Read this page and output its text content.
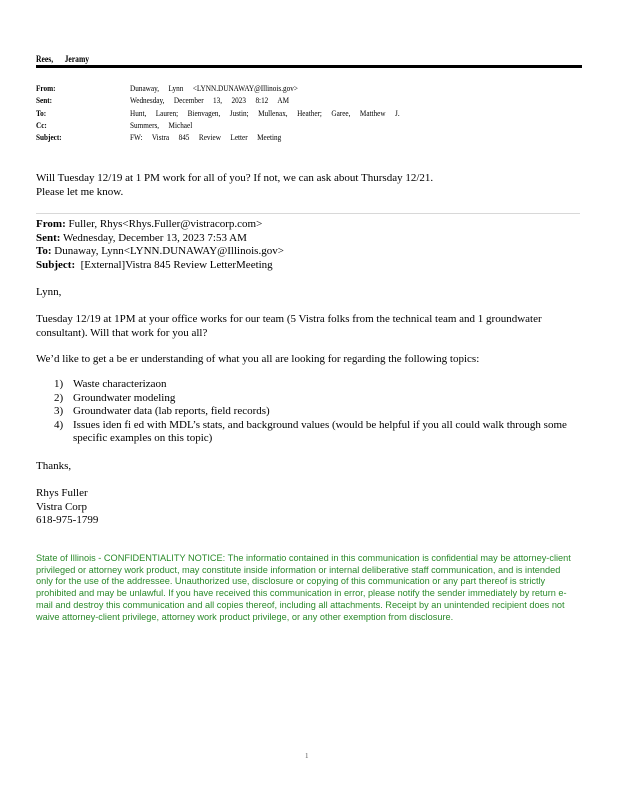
Rees, Jeramy
From:	Dunaway, Lynn <LYNN.DUNAWAY@Illinois.gov>
Sent:	Wednesday, December 13, 2023 8:12 AM
To:	Hunt, Lauren; Bienvagen, Justin; Mullenax, Heather; Garee, Matthew J.
Cc:	Summers, Michael
Subject:	FW: Vistra 845 Review Letter Meeting
Will Tuesday 12/19 at 1 PM work for all of you? If not, we can ask about Thursday 12/21.
Please let me know.
From: Fuller, Rhys<Rhys.Fuller@vistracorp.com>
Sent: Wednesday, December 13, 2023 7:53 AM
To: Dunaway, Lynn<LYNN.DUNAWAY@Illinois.gov>
Subject: [External]Vistra 845 Review LetterMeeting
Lynn,
Tuesday 12/19 at 1PM at your office works for our team (5 Vistra folks from the technical team and 1 groundwater consultant). Will that work for you all?
We’d like to get a be er understanding of what you all are looking for regarding the following topics:
1) Waste characterizaon
2) Groundwater modeling
3) Groundwater data (lab reports, field records)
4) Issues iden fi ed with MDL’s stats, and background values (would be helpful if you all could walk through some specific examples on this topic)
Thanks,
Rhys Fuller
Vistra Corp
618-975-1799
State of Illinois - CONFIDENTIALITY NOTICE: The informatio contained in this communication is confidential may be attorney-client privileged or attorney work product, may constitute inside information or internal deliberative staff communication, and is intended only for the use of the addressee. Unauthorized use, disclosure or copying of this communication or any part thereof is strictly prohibited and may be unlawful. If you have received this communication in error, please notify the sender immediately by return e-mail and destroy this communication and all copies thereof, including all attachments. Receipt by an unintended recipient does not waive attorney-client privilege, attorney work product privilege, or any other exemption from disclosure.
1
